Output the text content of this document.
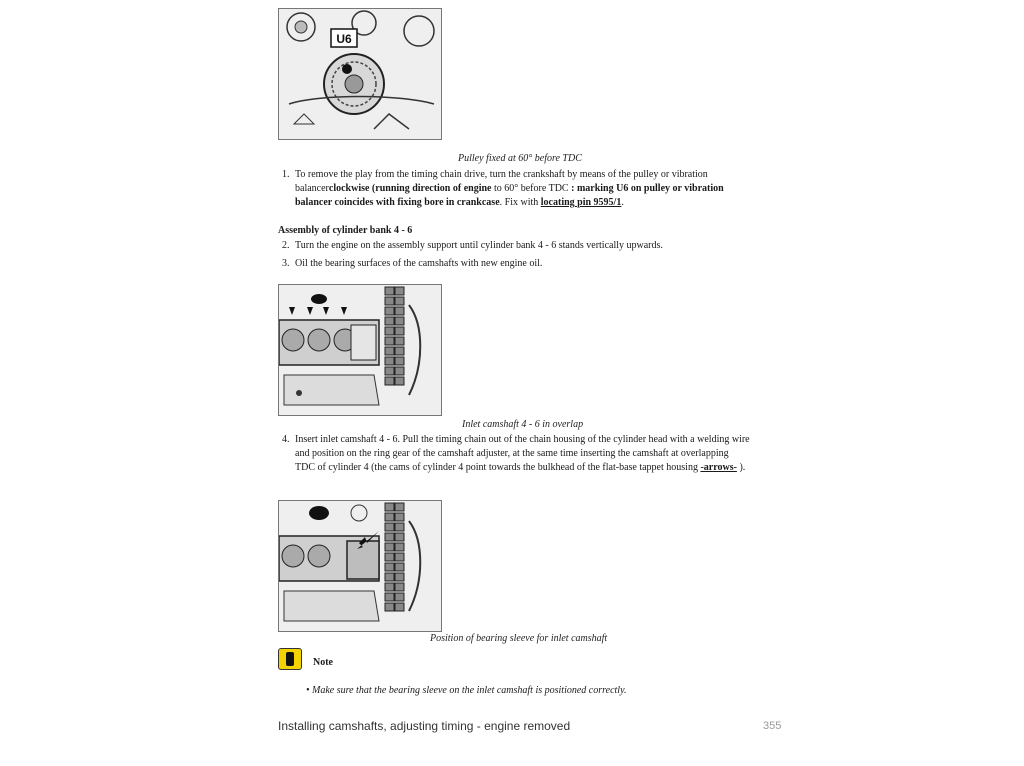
U6
Pulley fixed at 60° before TDC
1. To remove the play from the timing chain drive, turn the crankshaft by means of the pulley or vibration balancerclockwise (running direction of engine to 60° before TDC : marking U6 on pulley or vibration balancer coincides with fixing bore in crankcase. Fix with locating pin 9595/1.
Assembly of cylinder bank 4 - 6
2. Turn the engine on the assembly support until cylinder bank 4 - 6 stands vertically upwards.
3. Oil the bearing surfaces of the camshafts with new engine oil.
Inlet camshaft 4 - 6 in overlap
4. Insert inlet camshaft 4 - 6. Pull the timing chain out of the chain housing of the cylinder head with a welding wire and position on the ring gear of the camshaft adjuster, at the same time inserting the camshaft at overlapping TDC of cylinder 4 (the cams of cylinder 4 point towards the bulkhead of the flat-base tappet housing -arrows- ).
Position of bearing sleeve for inlet camshaft
Note
• Make sure that the bearing sleeve on the inlet camshaft is positioned correctly.
Installing camshafts, adjusting timing - engine removed	355
